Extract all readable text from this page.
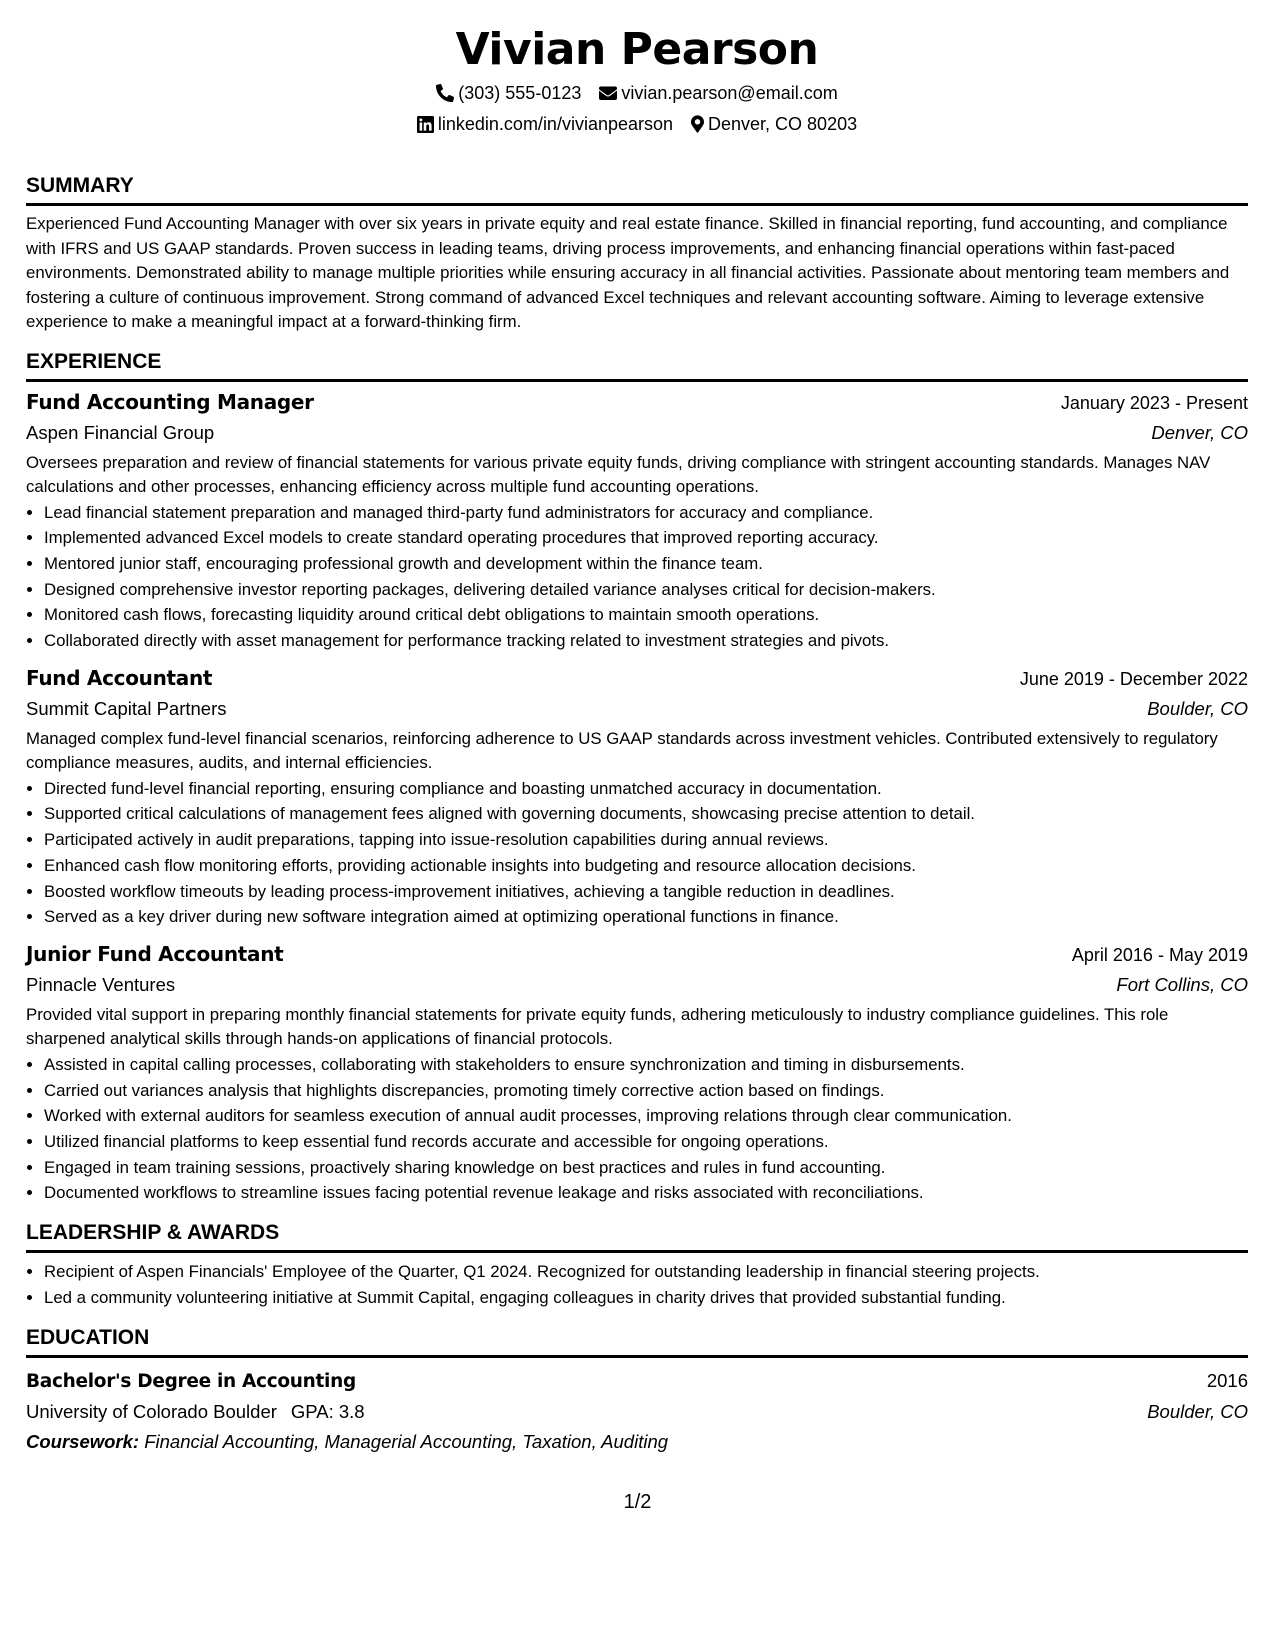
Vivian Pearson
(303) 555-0123 vivian.pearson@email.com
linkedin.com/in/vivianpearson Denver, CO 80203
SUMMARY
Experienced Fund Accounting Manager with over six years in private equity and real estate finance. Skilled in financial reporting, fund accounting, and compliance with IFRS and US GAAP standards. Proven success in leading teams, driving process improvements, and enhancing financial operations within fast-paced environments. Demonstrated ability to manage multiple priorities while ensuring accuracy in all financial activities. Passionate about mentoring team members and fostering a culture of continuous improvement. Strong command of advanced Excel techniques and relevant accounting software. Aiming to leverage extensive experience to make a meaningful impact at a forward-thinking firm.
EXPERIENCE
Fund Accounting Manager	January 2023 - Present
Aspen Financial Group	Denver, CO
Oversees preparation and review of financial statements for various private equity funds, driving compliance with stringent accounting standards. Manages NAV calculations and other processes, enhancing efficiency across multiple fund accounting operations.
• Lead financial statement preparation and managed third-party fund administrators for accuracy and compliance.
• Implemented advanced Excel models to create standard operating procedures that improved reporting accuracy.
• Mentored junior staff, encouraging professional growth and development within the finance team.
• Designed comprehensive investor reporting packages, delivering detailed variance analyses critical for decision-makers.
• Monitored cash flows, forecasting liquidity around critical debt obligations to maintain smooth operations.
• Collaborated directly with asset management for performance tracking related to investment strategies and pivots.
Fund Accountant	June 2019 - December 2022
Summit Capital Partners	Boulder, CO
Managed complex fund-level financial scenarios, reinforcing adherence to US GAAP standards across investment vehicles. Contributed extensively to regulatory compliance measures, audits, and internal efficiencies.
• Directed fund-level financial reporting, ensuring compliance and boasting unmatched accuracy in documentation.
• Supported critical calculations of management fees aligned with governing documents, showcasing precise attention to detail.
• Participated actively in audit preparations, tapping into issue-resolution capabilities during annual reviews.
• Enhanced cash flow monitoring efforts, providing actionable insights into budgeting and resource allocation decisions.
• Boosted workflow timeouts by leading process-improvement initiatives, achieving a tangible reduction in deadlines.
• Served as a key driver during new software integration aimed at optimizing operational functions in finance.
Junior Fund Accountant	April 2016 - May 2019
Pinnacle Ventures	Fort Collins, CO
Provided vital support in preparing monthly financial statements for private equity funds, adhering meticulously to industry compliance guidelines. This role sharpened analytical skills through hands-on applications of financial protocols.
• Assisted in capital calling processes, collaborating with stakeholders to ensure synchronization and timing in disbursements.
• Carried out variances analysis that highlights discrepancies, promoting timely corrective action based on findings.
• Worked with external auditors for seamless execution of annual audit processes, improving relations through clear communication.
• Utilized financial platforms to keep essential fund records accurate and accessible for ongoing operations.
• Engaged in team training sessions, proactively sharing knowledge on best practices and rules in fund accounting.
• Documented workflows to streamline issues facing potential revenue leakage and risks associated with reconciliations.
LEADERSHIP & AWARDS
• Recipient of Aspen Financials' Employee of the Quarter, Q1 2024. Recognized for outstanding leadership in financial steering projects.
• Led a community volunteering initiative at Summit Capital, engaging colleagues in charity drives that provided substantial funding.
EDUCATION
Bachelor's Degree in Accounting	2016
University of Colorado Boulder GPA: 3.8	Boulder, CO
Coursework: Financial Accounting, Managerial Accounting, Taxation, Auditing
1/2
